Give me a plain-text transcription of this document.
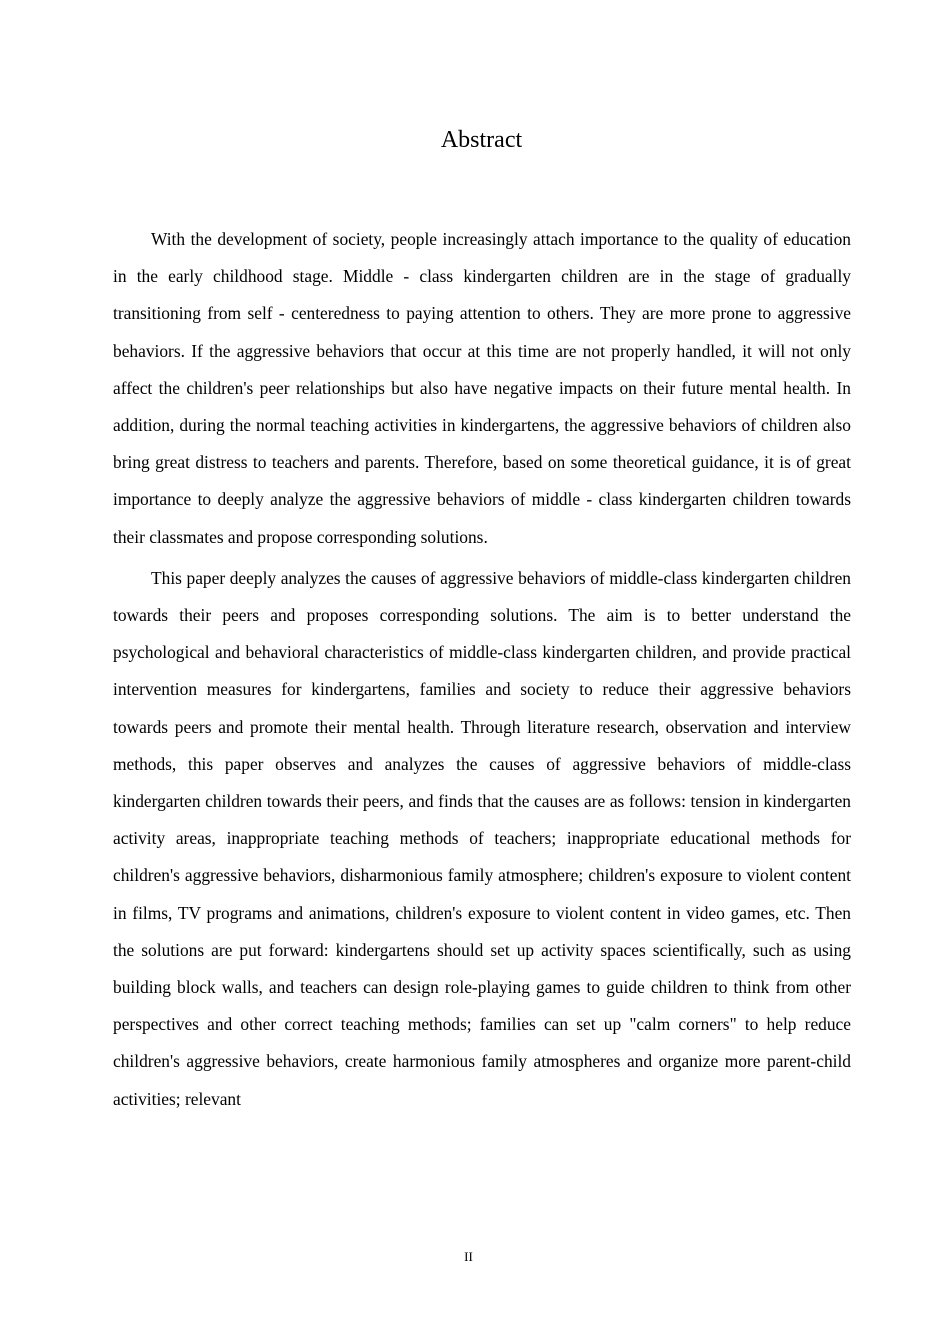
Abstract

With the development of society, people increasingly attach importance to the quality of education in the early childhood stage. Middle - class kindergarten children are in the stage of gradually transitioning from self - centeredness to paying attention to others. They are more prone to aggressive behaviors. If the aggressive behaviors that occur at this time are not properly handled, it will not only affect the children's peer relationships but also have negative impacts on their future mental health. In addition, during the normal teaching activities in kindergartens, the aggressive behaviors of children also bring great distress to teachers and parents. Therefore, based on some theoretical guidance, it is of great importance to deeply analyze the aggressive behaviors of middle - class kindergarten children towards their classmates and propose corresponding solutions.

This paper deeply analyzes the causes of aggressive behaviors of middle-class kindergarten children towards their peers and proposes corresponding solutions. The aim is to better understand the psychological and behavioral characteristics of middle-class kindergarten children, and provide practical intervention measures for kindergartens, families and society to reduce their aggressive behaviors towards peers and promote their mental health. Through literature research, observation and interview methods, this paper observes and analyzes the causes of aggressive behaviors of middle-class kindergarten children towards their peers, and finds that the causes are as follows: tension in kindergarten activity areas, inappropriate teaching methods of teachers; inappropriate educational methods for children's aggressive behaviors, disharmonious family atmosphere; children's exposure to violent content in films, TV programs and animations, children's exposure to violent content in video games, etc. Then the solutions are put forward: kindergartens should set up activity spaces scientifically, such as using building block walls, and teachers can design role-playing games to guide children to think from other perspectives and other correct teaching methods; families can set up "calm corners" to help reduce children's aggressive behaviors, create harmonious family atmospheres and organize more parent-child activities; relevant

II
